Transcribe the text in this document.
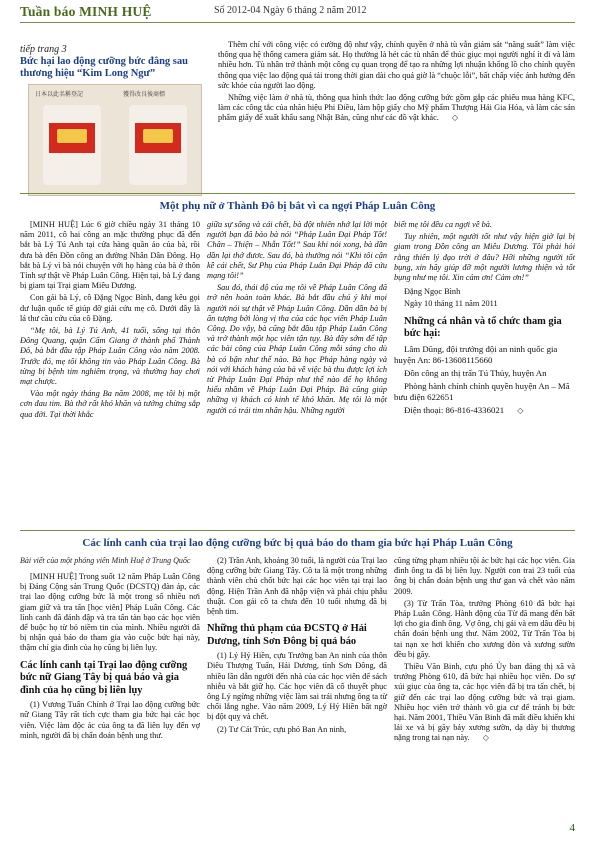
Tuần báo MINH HUỆ	Số 2012-04 Ngày 6 tháng 2 năm 2012
tiếp trang 3
Bức hại lao động cưỡng bức đằng sau thương hiệu “Kim Long Ngư”
日本以此名稱登記	獲得改良後商標

Thêm chí với công việc có cường độ như vậy, chính quyền ở nhà tù vẫn giám sát “năng suất” làm việc thông qua hệ thống camera giám sát. Họ thường là hét các tù nhân để thúc giục mọi người nghỉ ít đi và làm nhiều hơn. Tù nhân trở thành một công cụ quan trọng để tạo ra những lợi nhuận khổng lồ cho chính quyền thông qua việc lao động quá tải trong thời gian dài cho quá giờ là “chuộc lỗi”, bất chấp việc ảnh hưởng đến sức khỏe của người lao động.

Những việc làm ở nhà tù, thông qua hình thức lao động cưỡng bức gồm gắp các phiếu mua hàng KFC, làm các công tắc của nhãn hiệu Phi Điều, làm hộp giấy cho Mỹ phẩm Thượng Hải Gia Hóa, và làm các sản phẩm giấy để xuất khẩu sang Nhật Bản, cũng như các đồ vật khác. ◇

Một phụ nữ ở Thành Đô bị bắt vì ca ngợi Pháp Luân Công

[MINH HUỆ] Lúc 6 giờ chiều ngày 31 tháng 10 năm 2011, cô hai công an mặc thường phục đã đến bắt bà Lý Tú Anh tại cửa hàng quần áo của bà, rồi đưa bà đến Đồn công an đường Nhân Dân Đông. Họ bắt bà Lý vì bà nói chuyện với họ hàng của bà ở thôn Tỉnh sự thật về Pháp Luân Công. Hiện tại, bà Lý đang bị giam tại Trại giam Miêu Dương.

Con gái bà Lý, cô Đặng Ngọc Bình, đang kêu gọi dư luận quốc tế giúp đỡ giải cứu mẹ cô. Dưới đây là lá thư cầu cứu của cô Đặng.

“Mẹ tôi, bà Lý Tú Anh, 41 tuổi, sống tại thôn Đông Quang, quận Cẩm Giang ở thành phố Thành Đô, bà bắt đầu tập Pháp Luân Công vào năm 2008. Trước đó, mẹ tôi không tin vào Pháp Luân Công. Bà từng bị bệnh tim nghiêm trọng, và thường hay chơi mạt chược.

Vào một ngày tháng Ba năm 2008, mẹ tôi bị một cơn đau tim. Bà thở rất khó khăn và tưởng chừng sắp qua đời. Tại thời khắc

giữa sự sống và cái chết, bà đột nhiên nhớ lại lời một người bạn đã bảo bà nói “Pháp Luân Đại Pháp Tốt! Chân – Thiện – Nhẫn Tốt!” Sau khi nói xong, bà dần dần lại thở đươc. Sau đó, bà thường nói “Khi tôi cận kề cái chết, Sư Phụ của Pháp Luân Đại Pháp đã cứu mạng tôi!”

Sau đó, thái độ của mẹ tôi về Pháp Luân Công đã trở nên hoàn toàn khác. Bà bắt đầu chú ý khi mọi người nói sự thật về Pháp Luân Công. Dần dần bà bị ấn tượng bởi lòng vị tha của các học viên Pháp Luân Công. Do vậy, bà cũng bắt đầu tập Pháp Luân Công và trở thành một học viên tận tụy. Bà đây sớm để tập các bài công của Pháp Luân Công mỗi sáng cho dù bà có bận như thế nào. Bà học Pháp hàng ngày và nói với khách hàng của bà về việc bà thu được lợi ích từ Pháp Luân Đại Pháp như thế nào để họ không hiểu nhầm về Pháp Luân Đại Pháp. Bà cũng giúp những vị khách có kinh tế khó khăn. Mẹ tôi là một người có trái tim nhân hậu. Những người

biết mẹ tôi đều ca ngợi về bà.

Tuy nhiên, một người tốt như vậy hiện giờ lại bị giam trong Đồn công an Miêu Dương. Tôi phải hỏi rằng thiên lý đạo trời ở đâu? Hỡi những người tốt bụng, xin hãy giúp đỡ một người lương thiện và tốt bụng như mẹ tôi. Xin cảm ơn! Cảm ơn!”

Đặng Ngọc Bình

Ngày 10 tháng 11 năm 2011

Những cá nhân và tổ chức tham gia bức hại:

Lâm Dũng, đội trưởng đội an ninh quốc gia huyện An: 86-13608115660

Đồn công an thị trấn Tú Thủy, huyện An

Phòng hành chính chính quyền huyện An – Mã bưu điện 622651

Điện thoại: 86-816-4336021 ◇

Các lính canh của trại lao động cưỡng bức bị quả báo do tham gia bức hại Pháp Luân Công
Bài viết của một phóng viên Minh Huệ ở Trung Quốc

[MINH HUỆ] Trong suốt 12 năm Pháp Luân Công bị Đảng Cộng sản Trung Quốc (ĐCSTQ) đàn áp, các trại lao động cưỡng bức là một trong số nhiều nơi giam giữ và tra tấn [học viên] Pháp Luân Công. Các lính canh đã đánh đập và tra tấn tàn bạo các học viên để buộc họ từ bỏ niềm tin của mình. Nhiều người đã bị nhận quả báo do tham gia vào cuộc bức hại này, thậm chí gia đình của họ cũng bị liên lụy.

Các lính canh tại Trại lao động cưỡng bức nữ Giang Tây bị quả báo và gia đình của họ cũng bị liên lụy

(1) Vương Tuấn Chính ở Trại lao động cưỡng bức nữ Giang Tây rất tích cực tham gia bức hại các học viên. Việc làm độc ác của ông ta đã liên lụy đến vợ mình, người đã bị chẩn đoán bệnh ung thư.

(2) Trần Anh, khoảng 30 tuổi, là người của Trại lao động cưỡng bức Giang Tây. Cô ta là một trong những thành viên chủ chốt bức hại các học viên tại trại lao động. Hiện Trần Anh đã nhập viện và phải chịu phẫu thuật. Con gái cô ta chưa đến 10 tuổi nhưng đã bị bệnh tim.

Những thủ phạm của ĐCSTQ ở Hải Dương, tỉnh Sơn Đông bị quả báo

(1) Lý Hỷ Hiền, cựu Trưởng ban An ninh của thôn Diêu Thượng Tuấn, Hải Dương, tỉnh Sơn Đông, đã nhiều lần dẫn người đến nhà của các học viên để sách nhiễu và bắt giữ họ. Các học viên đã cố thuyết phục ông Lý ngừng những việc làm sai trái nhưng ông ta từ chối lắng nghe. Vào năm 2009, Lý Hỷ Hiền bất ngờ bị đột quỵ và chết.

(2) Tư Cát Trúc, cựu phó Ban An ninh,

cũng từng phạm nhiều tội ác bức hại các học viên. Gia đình ông ta đã bị liên lụy. Người con trai 23 tuổi của ông bị chẩn đoán bệnh ung thư gan và chết vào năm 2009.

(3) Từ Trấn Tòa, trưởng Phòng 610 đã bức hại Pháp Luân Công. Hành động của Từ đã mang đến bất lợi cho gia đình ông. Vợ ông, chị gái và em dâu đều bị chẩn đoán bệnh ung thư. Năm 2002, Từ Trấn Tòa bị tai nạn xe hơi khiến cho xương đòn và xương sườn đều bị gãy.

Thiều Văn Binh, cựu phó Ủy ban đảng thị xã và trưởng Phòng 610, đã bức hại nhiều học viên. Do sự xúi giục của ông ta, các học viên đã bị tra tấn chết, bị giữ đến các trại lao động cưỡng bức và trại giam. Nhiều học viên trở thành vô gia cư để tránh bị bức hại. Năm 2001, Thiều Văn Binh đã mất điều khiển khi lái xe và bị gãy bảy xương sườn, dạ dày bị thương nặng trong tai nạn này. ◇

4
